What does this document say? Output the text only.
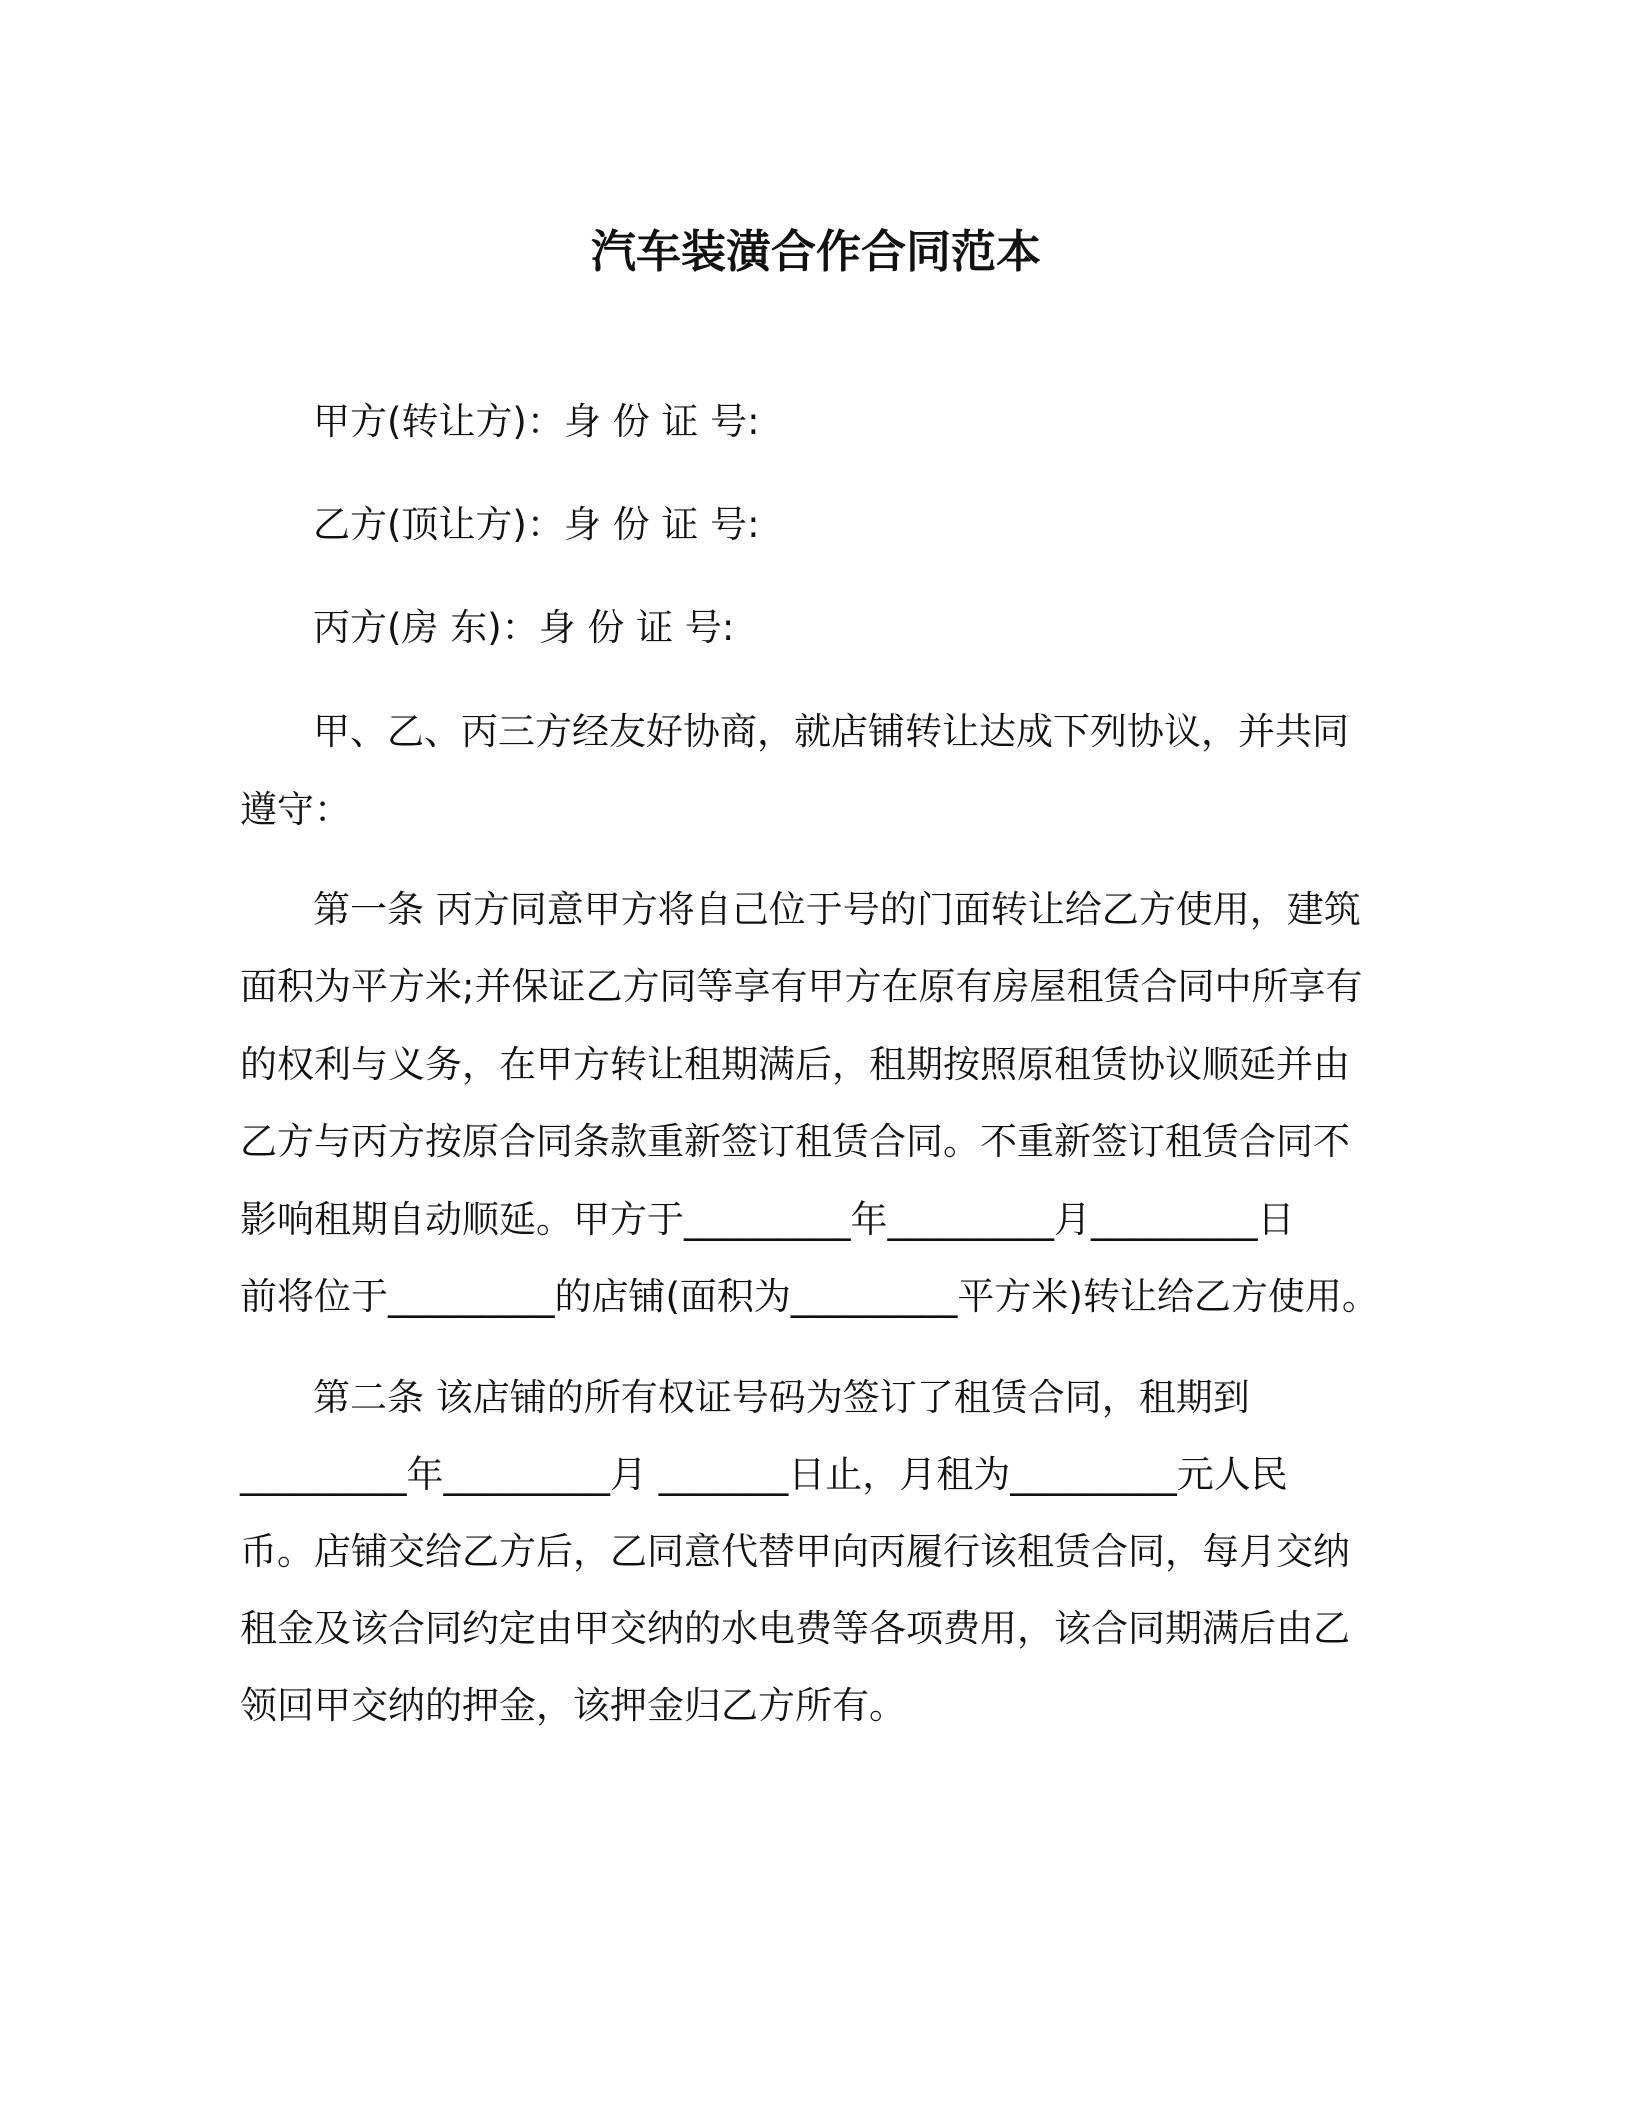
汽车装潢合作合同范本
甲方(转让方)：身 份 证 号:
乙方(顶让方)：身 份 证 号:
丙方(房 东)：身 份 证 号:
甲、乙、丙三方经友好协商，就店铺转让达成下列协议，并共同
遵守：
第一条 丙方同意甲方将自己位于号的门面转让给乙方使用，建筑
面积为平方米;并保证乙方同等享有甲方在原有房屋租赁合同中所享有
的权利与义务，在甲方转让租期满后，租期按照原租赁协议顺延并由
乙方与丙方按原合同条款重新签订租赁合同。不重新签订租赁合同不
影响租期自动顺延。甲方于_________年_________月_________日
前将位于_________的店铺(面积为_________平方米)转让给乙方使用。
第二条 该店铺的所有权证号码为签订了租赁合同，租期到
_________年_________月 _______日止，月租为_________元人民
币。店铺交给乙方后，乙同意代替甲向丙履行该租赁合同，每月交纳
租金及该合同约定由甲交纳的水电费等各项费用，该合同期满后由乙
领回甲交纳的押金，该押金归乙方所有。
